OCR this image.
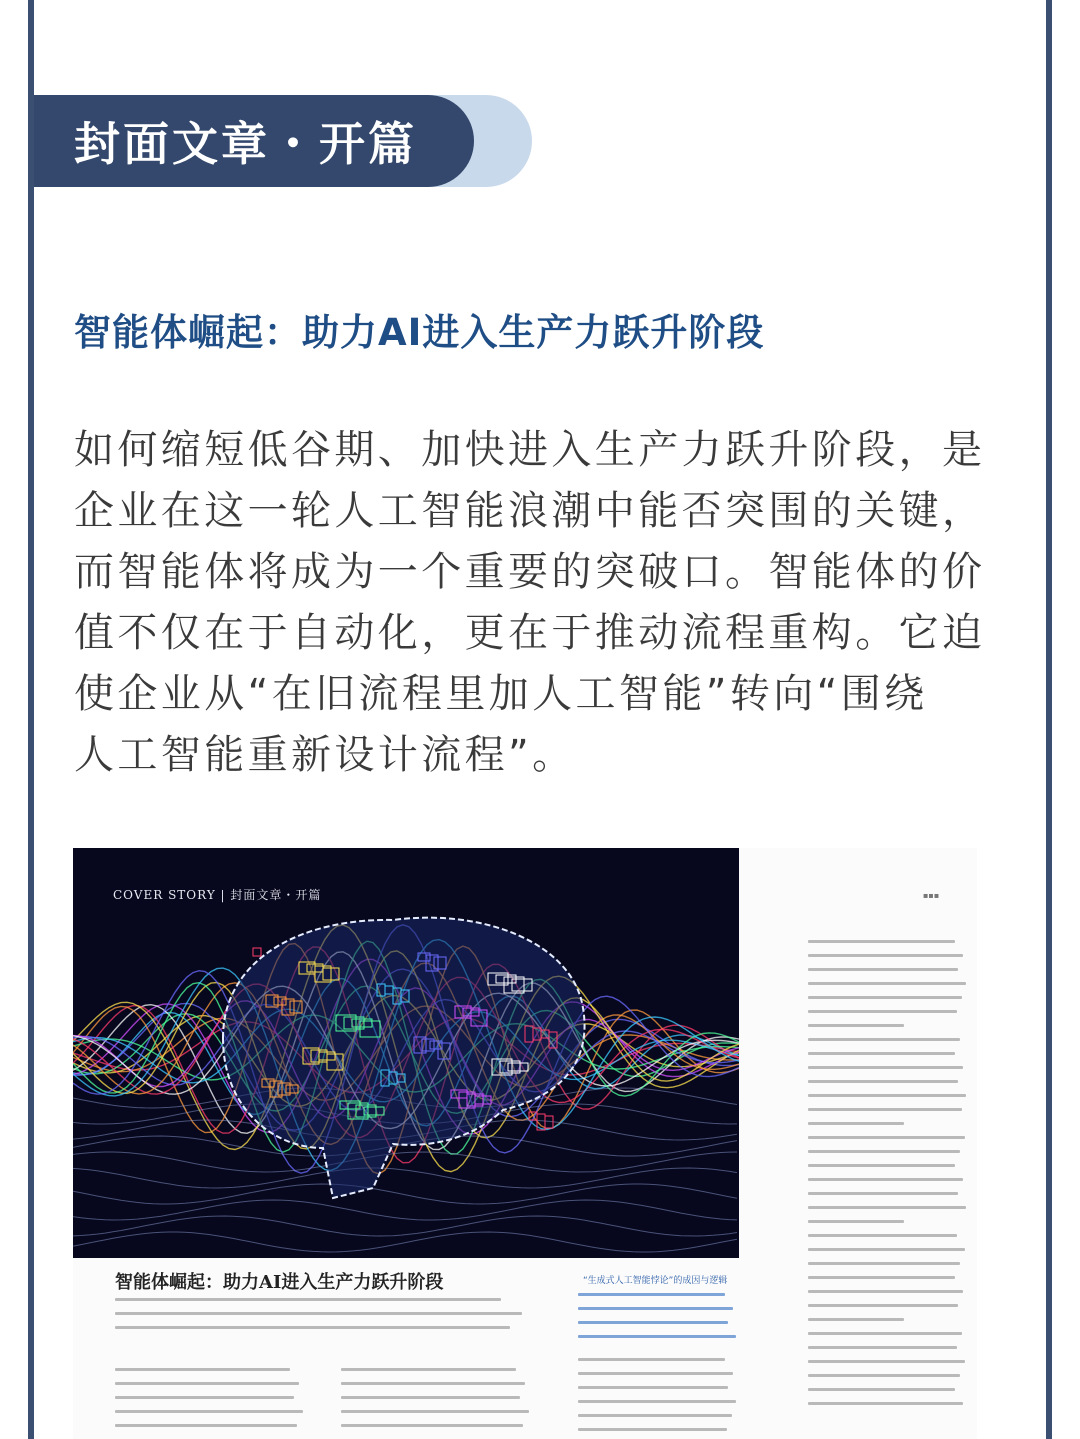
封面文章・开篇
智能体崛起：助力AI进入生产力跃升阶段
如何缩短低谷期、加快进入生产力跃升阶段，是
企业在这一轮人工智能浪潮中能否突围的关键，
而智能体将成为一个重要的突破口。智能体的价
值不仅在于自动化，更在于推动流程重构。它迫
使企业从“在旧流程里加人工智能”转向“围绕
人工智能重新设计流程”。
COVER STORY | 封面文章・开篇	▪▪▪
智能体崛起：助力AI进入生产力跃升阶段	“生成式人工智能悖论”的成因与逻辑
